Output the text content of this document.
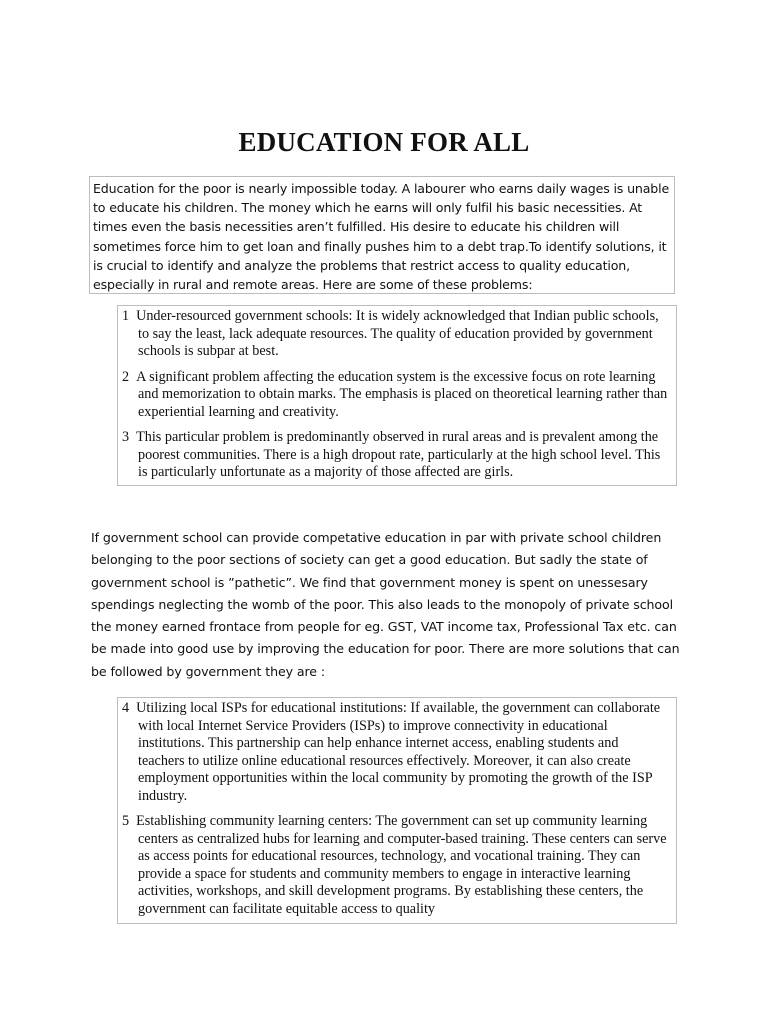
EDUCATION FOR ALL
Education for the poor is nearly impossible today. A labourer who earns daily wages is unable to educate his children. The money which he earns will only fulfil his basic necessities. At times even the basis necessities aren’t fulfilled. His desire to educate his children will sometimes force him to get loan and finally pushes him to a debt trap.To identify solutions, it is crucial to identify and analyze the problems that restrict access to quality education, especially in rural and remote areas. Here are some of these problems:
1 Under-resourced government schools: It is widely acknowledged that Indian public schools, to say the least, lack adequate resources. The quality of education provided by government schools is subpar at best.
2 A significant problem affecting the education system is the excessive focus on rote learning and memorization to obtain marks. The emphasis is placed on theoretical learning rather than experiential learning and creativity.
3 This particular problem is predominantly observed in rural areas and is prevalent among the poorest communities. There is a high dropout rate, particularly at the high school level. This is particularly unfortunate as a majority of those affected are girls.

If government school can provide competative education in par with private school children belonging to the poor sections of society can get a good education. But sadly the state of government school is ”pathetic”. We find that government money is spent on unessesary spendings neglecting the womb of the poor. This also leads to the monopoly of private school the money earned frontace from people for eg. GST, VAT income tax, Professional Tax etc. can be made into good use by improving the education for poor. There are more solutions that can be followed by government they are :

4 Utilizing local ISPs for educational institutions: If available, the government can collaborate with local Internet Service Providers (ISPs) to improve connectivity in educational institutions. This partnership can help enhance internet access, enabling students and teachers to utilize online educational resources effectively. Moreover, it can also create employment opportunities within the local community by promoting the growth of the ISP industry.
5 Establishing community learning centers: The government can set up community learning centers as centralized hubs for learning and computer-based training. These centers can serve as access points for educational resources, technology, and vocational training. They can provide a space for students and community members to engage in interactive learning activities, workshops, and skill development programs. By establishing these centers, the government can facilitate equitable access to quality
